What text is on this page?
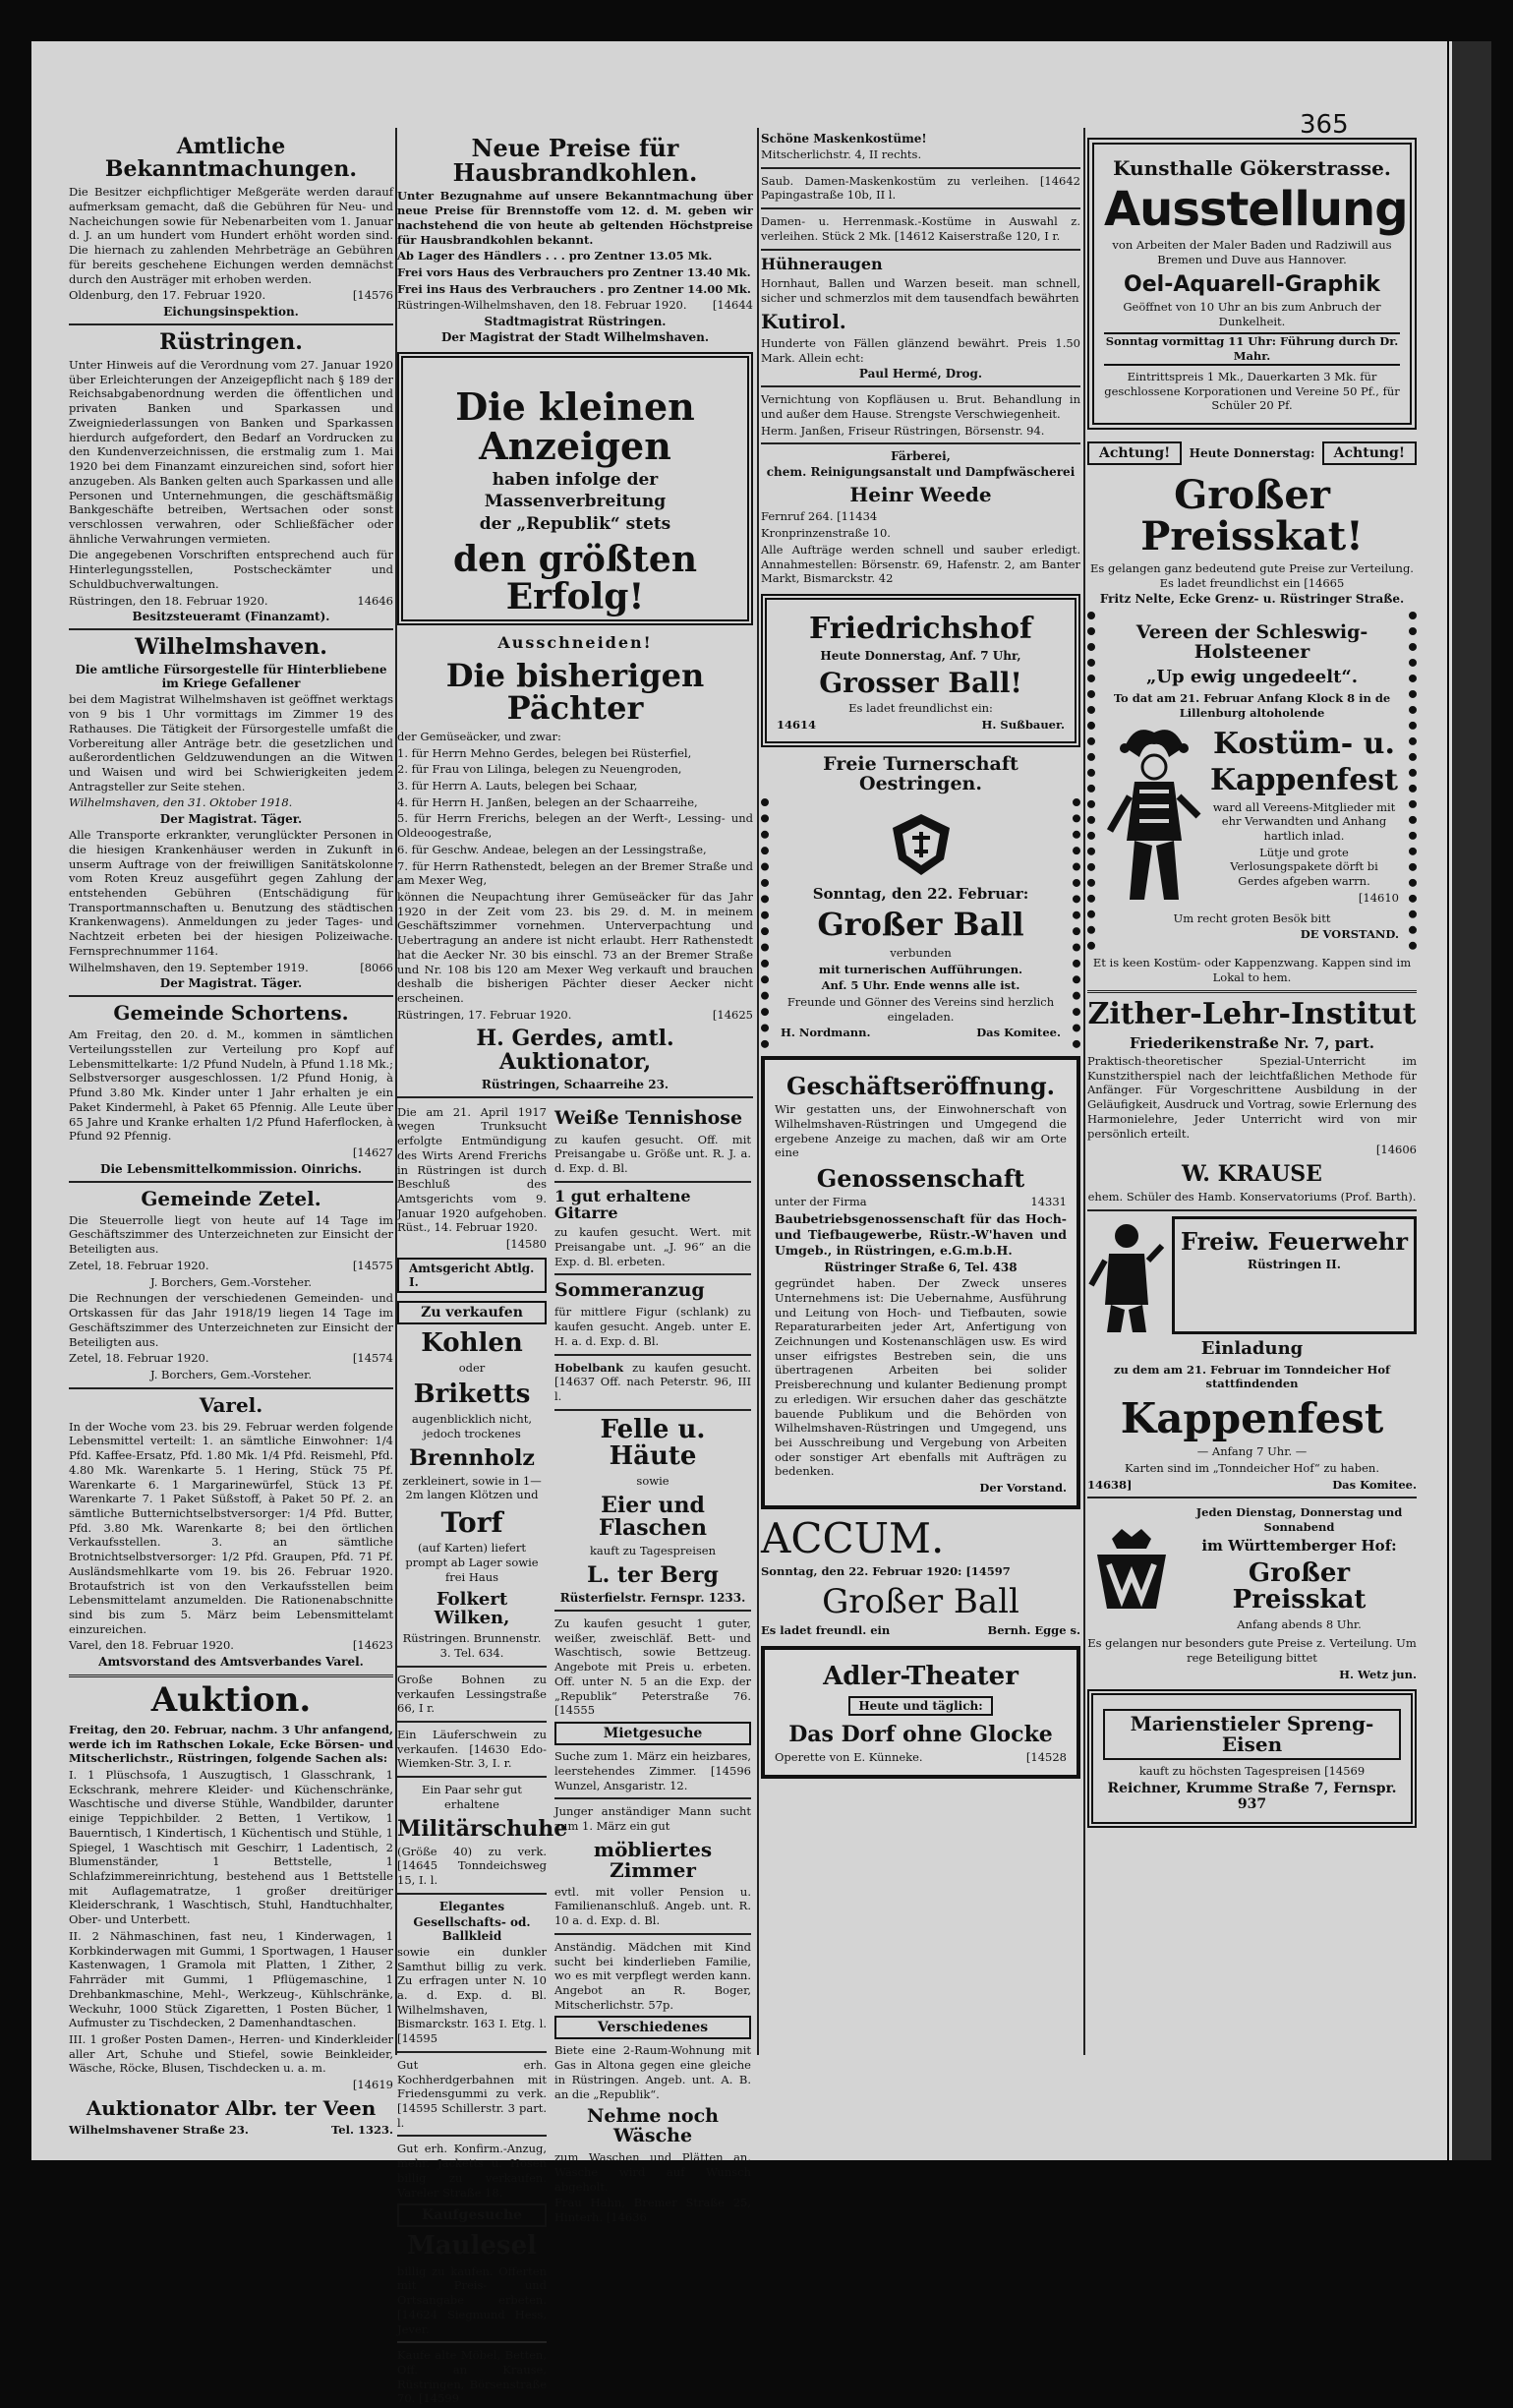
365
Amtliche Bekanntmachungen.
Die Besitzer eichpflichtiger Meßgeräte werden darauf aufmerksam gemacht, daß die Gebühren für Neu- und Nacheichungen sowie für Nebenarbeiten vom 1. Januar d. J. an um hundert vom Hundert erhöht worden sind. Die hiernach zu zahlenden Mehrbeträge an Gebühren für bereits geschehene Eichungen werden demnächst durch den Austräger mit erhoben werden.
Oldenburg, den 17. Februar 1920.	[14576
Eichungsinspektion.
Rüstringen.
Unter Hinweis auf die Verordnung vom 27. Januar 1920 über Erleichterungen der Anzeigepflicht nach § 189 der Reichsabgabenordnung werden die öffentlichen und privaten Banken und Sparkassen und Zweigniederlassungen von Banken und Sparkassen hierdurch aufgefordert, den Bedarf an Vordrucken zu den Kundenverzeichnissen, die erstmalig zum 1. Mai 1920 bei dem Finanzamt einzureichen sind, sofort hier anzugeben. Als Banken gelten auch Sparkassen und alle Personen und Unternehmungen, die geschäftsmäßig Bankgeschäfte betreiben, Wertsachen oder sonst verschlossen verwahren, oder Schließfächer oder ähnliche Verwahrungen vermieten.
Die angegebenen Vorschriften entsprechend auch für Hinterlegungsstellen, Postscheckämter und Schuldbuchverwaltungen.
Rüstringen, den 18. Februar 1920.	14646
Besitzsteueramt (Finanzamt).
Wilhelmshaven.
Die amtliche Fürsorgestelle für Hinterbliebene im Kriege Gefallener
bei dem Magistrat Wilhelmshaven ist geöffnet werktags von 9 bis 1 Uhr vormittags im Zimmer 19 des Rathauses. Die Tätigkeit der Fürsorgestelle umfaßt die Vorbereitung aller Anträge betr. die gesetzlichen und außerordentlichen Geldzuwendungen an die Witwen und Waisen und wird bei Schwierigkeiten jedem Antragsteller zur Seite stehen.
Wilhelmshaven, den 31. Oktober 1918.
Der Magistrat. Täger.
Alle Transporte erkrankter, verunglückter Personen in die hiesigen Krankenhäuser werden in Zukunft in unserm Auftrage von der freiwilligen Sanitätskolonne vom Roten Kreuz ausgeführt gegen Zahlung der entstehenden Gebühren (Entschädigung für Transportmannschaften u. Benutzung des städtischen Krankenwagens). Anmeldungen zu jeder Tages- und Nachtzeit erbeten bei der hiesigen Polizeiwache. Fernsprechnummer 1164.
Wilhelmshaven, den 19. September 1919.	[8066
Der Magistrat. Täger.
Gemeinde Schortens.
Am Freitag, den 20. d. M., kommen in sämtlichen Verteilungsstellen zur Verteilung pro Kopf auf Lebensmittelkarte: 1/2 Pfund Nudeln, à Pfund 1.18 Mk.; Selbstversorger ausgeschlossen. 1/2 Pfund Honig, à Pfund 3.80 Mk. Kinder unter 1 Jahr erhalten je ein Paket Kindermehl, à Paket 65 Pfennig. Alle Leute über 65 Jahre und Kranke erhalten 1/2 Pfund Haferflocken, à Pfund 92 Pfennig.
[14627
Die Lebensmittelkommission. Oinrichs.
Gemeinde Zetel.
Die Steuerrolle liegt von heute auf 14 Tage im Geschäftszimmer des Unterzeichneten zur Einsicht der Beteiligten aus.
Zetel, 18. Februar 1920.	[14575
J. Borchers, Gem.-Vorsteher.
Die Rechnungen der verschiedenen Gemeinden- und Ortskassen für das Jahr 1918/19 liegen 14 Tage im Geschäftszimmer des Unterzeichneten zur Einsicht der Beteiligten aus.
Zetel, 18. Februar 1920.	[14574
J. Borchers, Gem.-Vorsteher.
Varel.
In der Woche vom 23. bis 29. Februar werden folgende Lebensmittel verteilt: 1. an sämtliche Einwohner: 1/4 Pfd. Kaffee-Ersatz, Pfd. 1.80 Mk. 1/4 Pfd. Reismehl, Pfd. 4.80 Mk. Warenkarte 5. 1 Hering, Stück 75 Pf. Warenkarte 6. 1 Margarinewürfel, Stück 13 Pf. Warenkarte 7. 1 Paket Süßstoff, à Paket 50 Pf. 2. an sämtliche Butternichtselbstversorger: 1/4 Pfd. Butter, Pfd. 3.80 Mk. Warenkarte 8; bei den örtlichen Verkaufsstellen. 3. an sämtliche Brotnichtselbstversorger: 1/2 Pfd. Graupen, Pfd. 71 Pf. Ausländsmehlkarte vom 19. bis 26. Februar 1920. Brotaufstrich ist von den Verkaufsstellen beim Lebensmittelamt anzumelden. Die Rationenabschnitte sind bis zum 5. März beim Lebensmittelamt einzureichen.
Varel, den 18. Februar 1920.	[14623
Amtsvorstand des Amtsverbandes Varel.
Auktion.
Freitag, den 20. Februar, nachm. 3 Uhr anfangend, werde ich im Rathschen Lokale, Ecke Börsen- und Mitscherlichstr., Rüstringen, folgende Sachen als:
I. 1 Plüschsofa, 1 Auszugtisch, 1 Glasschrank, 1 Eckschrank, mehrere Kleider- und Küchenschränke, Waschtische und diverse Stühle, Wandbilder, darunter einige Teppichbilder. 2 Betten, 1 Vertikow, 1 Bauerntisch, 1 Kindertisch, 1 Küchentisch und Stühle, 1 Spiegel, 1 Waschtisch mit Geschirr, 1 Ladentisch, 2 Blumenständer, 1 Bettstelle, 1 Schlafzimmereinrichtung, bestehend aus 1 Bettstelle mit Auflagematratze, 1 großer dreitüriger Kleiderschrank, 1 Waschtisch, Stuhl, Handtuchhalter, Ober- und Unterbett.
II. 2 Nähmaschinen, fast neu, 1 Kinderwagen, 1 Korbkinderwagen mit Gummi, 1 Sportwagen, 1 Hauser Kastenwagen, 1 Gramola mit Platten, 1 Zither, 2 Fahrräder mit Gummi, 1 Pflügemaschine, 1 Drehbankmaschine, Mehl-, Werkzeug-, Kühlschränke, Weckuhr, 1000 Stück Zigaretten, 1 Posten Bücher, 1 Aufmuster zu Tischdecken, 2 Damenhandtaschen.
III. 1 großer Posten Damen-, Herren- und Kinderkleider aller Art, Schuhe und Stiefel, sowie Beinkleider, Wäsche, Röcke, Blusen, Tischdecken u. a. m.
[14619
Auktionator Albr. ter Veen
Wilhelmshavener Straße 23.	Tel. 1323.
Neue Preise für Hausbrandkohlen.
Unter Bezugnahme auf unsere Bekanntmachung über neue Preise für Brennstoffe vom 12. d. M. geben wir nachstehend die von heute ab geltenden Höchstpreise für Hausbrandkohlen bekannt.
Ab Lager des Händlers . . . pro Zentner 13.05 Mk.
Frei vors Haus des Verbrauchers pro Zentner 13.40 Mk.
Frei ins Haus des Verbrauchers . pro Zentner 14.00 Mk.
Rüstringen-Wilhelmshaven, den 18. Februar 1920. [14644
Stadtmagistrat Rüstringen.
Der Magistrat der Stadt Wilhelmshaven.
Die kleinen Anzeigen
haben infolge der Massenverbreitung
der „Republik“ stets
den größten Erfolg!
Ausschneiden!
Die bisherigen Pächter
der Gemüseäcker, und zwar:
1. für Herrn Mehno Gerdes, belegen bei Rüsterfiel,
2. für Frau von Lilinga, belegen zu Neuengroden,
3. für Herrn A. Lauts, belegen bei Schaar,
4. für Herrn H. Janßen, belegen an der Schaarreihe,
5. für Herrn Frerichs, belegen an der Werft-, Lessing- und Oldeoogestraße,
6. für Geschw. Andeae, belegen an der Lessingstraße,
7. für Herrn Rathenstedt, belegen an der Bremer Straße und am Mexer Weg,
können die Neupachtung ihrer Gemüseäcker für das Jahr 1920 in der Zeit vom 23. bis 29. d. M. in meinem Geschäftszimmer vornehmen. Unterverpachtung und Uebertragung an andere ist nicht erlaubt. Herr Rathenstedt hat die Aecker Nr. 30 bis einschl. 73 an der Bremer Straße und Nr. 108 bis 120 am Mexer Weg verkauft und brauchen deshalb die bisherigen Pächter dieser Aecker nicht erscheinen.
Rüstringen, 17. Februar 1920.	[14625
H. Gerdes, amtl. Auktionator,
Rüstringen, Schaarreihe 23.
Die am 21. April 1917 wegen Trunksucht erfolgte Entmündigung des Wirts Arend Frerichs in Rüstringen ist durch Beschluß des Amtsgerichts vom 9. Januar 1920 aufgehoben. Rüst., 14. Februar 1920.
[14580
Amtsgericht Abtlg. I.
Zu verkaufen
Kohlen
oder
Briketts
augenblicklich nicht, jedoch trockenes
Brennholz
zerkleinert, sowie in 1—2m langen Klötzen und
Torf
(auf Karten) liefert prompt ab Lager sowie frei Haus
Folkert Wilken,
Rüstringen. Brunnenstr. 3. Tel. 634.
Große Bohnen zu verkaufen Lessingstraße 66, I r.
Ein Läuferschwein zu verkaufen. [14630 Edo-Wiemken-Str. 3, I. r.
Ein Paar sehr gut erhaltene
Militärschuhe
(Größe 40) zu verk. [14645 Tonndeichsweg 15, I. l.
Elegantes
Gesellschafts- od. Ballkleid
sowie ein dunkler Samthut billig zu verk. Zu erfragen unter N. 10 a. d. Exp. d. Bl. Wilhelmshaven, Bismarckstr. 163 I. Etg. l. [14595
Gut erh. Kochherdgerbahnen mit Friedensgummi zu verk. [14595 Schillerstr. 3 part. l.
Gut erh. Konfirm.-Anzug, mehr. Jacketts u. Hosen billig zu verkaufen. Vareler Straße 18.
Kaufgesuche
Maulesel
billig zu kaufen. Offerten mit Preis- und Ortsangabe erbeten. [14624 Siegmund Hess, Jever.
Kaufe alte Möbel, Betten, Off. an Krause, Rüstringen, Börsenstraße 70. [14599
Weiße Tennishose
zu kaufen gesucht. Off. mit Preisangabe u. Größe unt. R. J. a. d. Exp. d. Bl.
1 gut erhaltene Gitarre
zu kaufen gesucht. Wert. mit Preisangabe unt. „J. 96“ an die Exp. d. Bl. erbeten.
Sommeranzug
für mittlere Figur (schlank) zu kaufen gesucht. Angeb. unter E. H. a. d. Exp. d. Bl.
Hobelbank zu kaufen gesucht. [14637 Off. nach Peterstr. 96, III l.
Felle u. Häute
sowie
Eier und Flaschen
kauft zu Tagespreisen
L. ter Berg
Rüsterfielstr. Fernspr. 1233.
Zu kaufen gesucht 1 guter, weißer, zweischläf. Bett- und Waschtisch, sowie Bettzeug. Angebote mit Preis u. erbeten. Off. unter N. 5 an die Exp. der „Republik“ Peterstraße 76. [14555
Mietgesuche
Suche zum 1. März ein heizbares, leerstehendes Zimmer. [14596 Wunzel, Ansgaristr. 12.
Junger anständiger Mann sucht zum 1. März ein gut
möbliertes Zimmer
evtl. mit voller Pension u. Familienanschluß. Angeb. unt. R. 10 a. d. Exp. d. Bl.
Anständig. Mädchen mit Kind sucht bei kinderlieben Familie, wo es mit verpflegt werden kann. Angebot an R. Boger, Mitscherlichstr. 57p.
Verschiedenes
Biete eine 2-Raum-Wohnung mit Gas in Altona gegen eine gleiche in Rüstringen. Angeb. unt. A. B. an die „Republik“.
Nehme noch Wäsche
zum Waschen und Plätten an. Wäsche wird auf Wunsch abgeholt.
Frau Hahn, Bremer Straße 25, Hinterh. [14636
Schöne Maskenkostüme!
Mitscherlichstr. 4, II rechts.
Saub. Damen-Maskenkostüm zu verleihen. [14642 Papingastraße 10b, II l.
Damen- u. Herrenmask.-Kostüme in Auswahl z. verleihen. Stück 2 Mk. [14612 Kaiserstraße 120, I r.
Hühneraugen
Hornhaut, Ballen und Warzen beseit. man schnell, sicher und schmerzlos mit dem tausendfach bewährten
Kutirol.
Hunderte von Fällen glänzend bewährt. Preis 1.50 Mark. Allein echt:
Paul Hermé, Drog.
Vernichtung von Kopfläusen u. Brut. Behandlung in und außer dem Hause. Strengste Verschwiegenheit.
Herm. Janßen, Friseur Rüstringen, Börsenstr. 94.
Färberei,
chem. Reinigungsanstalt und Dampfwäscherei
Heinr Weede
Fernruf 264. [11434
Kronprinzenstraße 10.
Alle Aufträge werden schnell und sauber erledigt. Annahmestellen: Börsenstr. 69, Hafenstr. 2, am Banter Markt, Bismarckstr. 42
Friedrichshof
Heute Donnerstag, Anf. 7 Uhr,
Grosser Ball!
Es ladet freundlichst ein:
14614	H. Sußbauer.
Freie Turnerschaft Oestringen.
Sonntag, den 22. Februar:
Großer Ball
verbunden
mit turnerischen Aufführungen.
Anf. 5 Uhr. Ende wenns alle ist.
Freunde und Gönner des Vereins sind herzlich eingeladen.
H. Nordmann.	Das Komitee.
Geschäftseröffnung.
Wir gestatten uns, der Einwohnerschaft von Wilhelmshaven-Rüstringen und Umgegend die ergebene Anzeige zu machen, daß wir am Orte eine
Genossenschaft
unter der Firma	14331
Baubetriebsgenossenschaft für das Hoch- und Tiefbaugewerbe, Rüstr.-W'haven und Umgeb., in Rüstringen, e.G.m.b.H.
Rüstringer Straße 6, Tel. 438
gegründet haben. Der Zweck unseres Unternehmens ist: Die Uebernahme, Ausführung und Leitung von Hoch- und Tiefbauten, sowie Reparaturarbeiten jeder Art, Anfertigung von Zeichnungen und Kostenanschlägen usw. Es wird unser eifrigstes Bestreben sein, die uns übertragenen Arbeiten bei solider Preisberechnung und kulanter Bedienung prompt zu erledigen. Wir ersuchen daher das geschätzte bauende Publikum und die Behörden von Wilhelmshaven-Rüstringen und Umgegend, uns bei Ausschreibung und Vergebung von Arbeiten oder sonstiger Art ebenfalls mit Aufträgen zu bedenken.
Der Vorstand.
ACCUM.
Sonntag, den 22. Februar 1920: [14597
Großer Ball
Es ladet freundl. ein	Bernh. Egge s.
Adler-Theater
Heute und täglich:
Das Dorf ohne Glocke
Operette von E. Künneke.	[14528
Kunsthalle Gökerstrasse.
Ausstellung
von Arbeiten der Maler Baden und Radziwill aus Bremen und Duve aus Hannover.
Oel-Aquarell-Graphik
Geöffnet von 10 Uhr an bis zum Anbruch der Dunkelheit.
Sonntag vormittag 11 Uhr: Führung durch Dr. Mahr.
Eintrittspreis 1 Mk., Dauerkarten 3 Mk. für geschlossene Korporationen und Vereine 50 Pf., für Schüler 20 Pf.
Achtung!	Heute Donnerstag:	Achtung!
Großer Preisskat!
Es gelangen ganz bedeutend gute Preise zur Verteilung. Es ladet freundlichst ein [14665
Fritz Nelte, Ecke Grenz- u. Rüstringer Straße.
Vereen der Schleswig-Holsteener
„Up ewig ungedeelt“.
To dat am 21. Februar Anfang Klock 8 in de Lillenburg altoholende
Kostüm- u.
Kappenfest
ward all Vereens-Mitglieder mit ehr Verwandten und Anhang hartlich inlad.
Lütje und grote Verlosungspakete dörft bi Gerdes afgeben warrn.
[14610
Um recht groten Besök bitt
DE VORSTAND.
Et is keen Kostüm- oder Kappenzwang. Kappen sind im Lokal to hem.
Zither-Lehr-Institut
Friederikenstraße Nr. 7, part.
Praktisch-theoretischer Spezial-Unterricht im Kunstzitherspiel nach der leichtfaßlichen Methode für Anfänger. Für Vorgeschrittene Ausbildung in der Geläufigkeit, Ausdruck und Vortrag, sowie Erlernung des Harmonielehre, Jeder Unterricht wird von mir persönlich erteilt.
[14606
W. KRAUSE
ehem. Schüler des Hamb. Konservatoriums (Prof. Barth).
Freiw. Feuerwehr
Rüstringen II.
Einladung
zu dem am 21. Februar im Tonndeicher Hof stattfindenden
Kappenfest
— Anfang 7 Uhr. —
Karten sind im „Tonndeicher Hof“ zu haben.
14638]	Das Komitee.
Jeden Dienstag, Donnerstag und Sonnabend
im Württemberger Hof:
Großer Preisskat
Anfang abends 8 Uhr.
Es gelangen nur besonders gute Preise z. Verteilung. Um rege Beteiligung bittet
H. Wetz jun.
Marienstieler Spreng-Eisen
kauft zu höchsten Tagespreisen [14569
Reichner, Krumme Straße 7, Fernspr. 937
